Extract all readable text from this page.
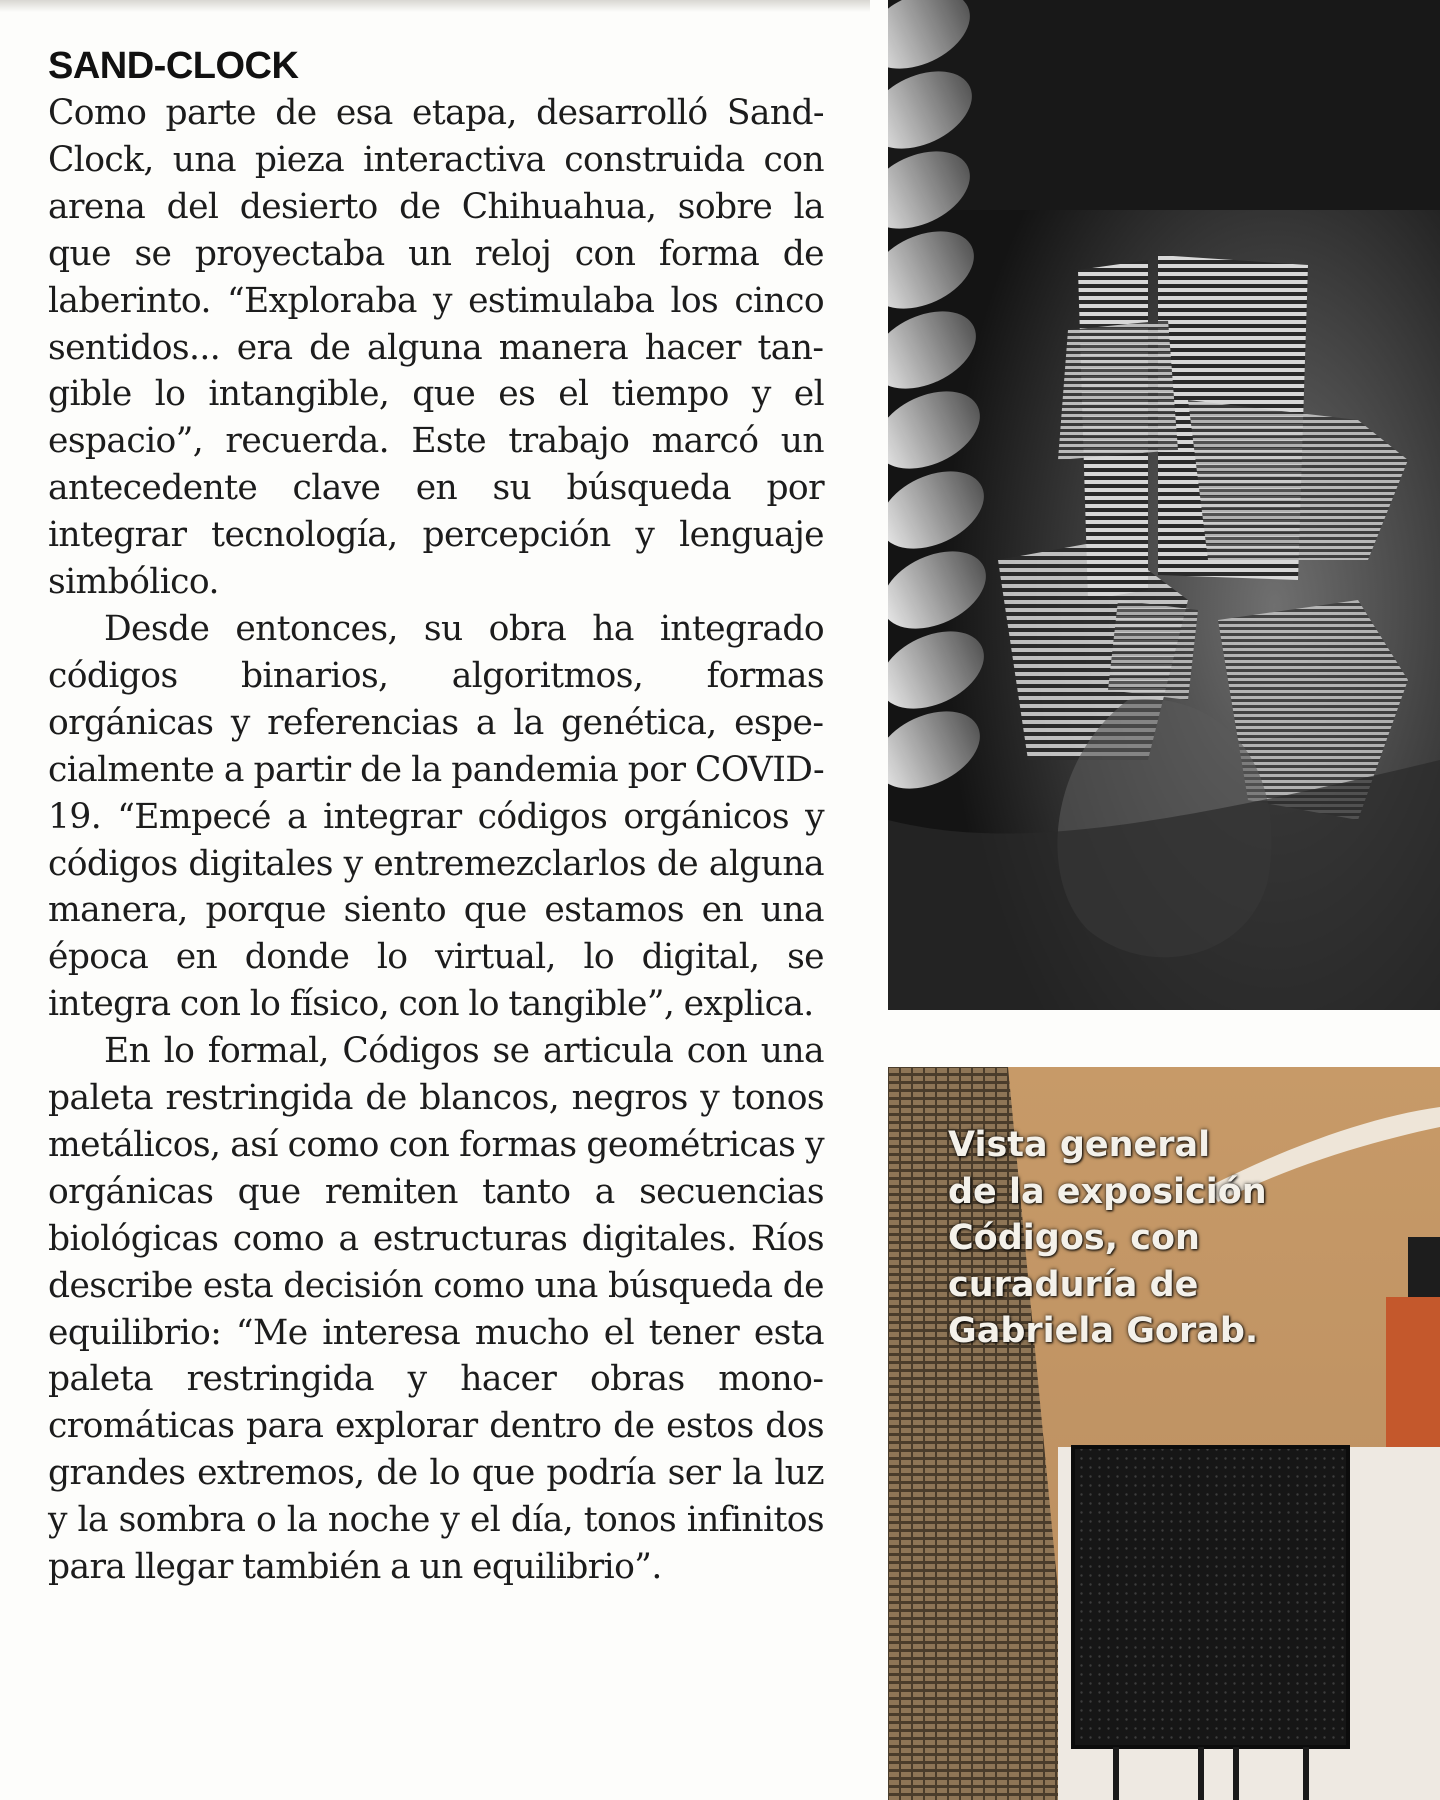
SAND-CLOCK

Como parte de esa etapa, desarrolló Sand-Clock, una pieza interactiva construida con arena del desierto de Chihuahua, sobre la que se proyectaba un reloj con forma de laberinto. “Exploraba y estimulaba los cinco sentidos... era de alguna manera hacer tangible lo intangible, que es el tiempo y el espacio”, recuerda. Este trabajo marcó un antecedente clave en su búsqueda por integrar tecnología, percepción y lenguaje simbólico.

Desde entonces, su obra ha integrado códigos binarios, algoritmos, formas orgánicas y referencias a la genética, especialmente a partir de la pandemia por COVID-19. “Empecé a integrar códigos orgánicos y códigos digitales y entremezclarlos de alguna manera, porque siento que estamos en una época en donde lo virtual, lo digital, se integra con lo físico, con lo tangible”, explica.

En lo formal, Códigos se articula con una paleta restringida de blancos, negros y tonos metálicos, así como con formas geométricas y orgánicas que remiten tanto a secuencias biológicas como a estructuras digitales. Ríos describe esta decisión como una búsqueda de equilibrio: “Me interesa mucho el tener esta paleta restringida y hacer obras monocromáticas para explorar dentro de estos dos grandes extremos, de lo que podría ser la luz y la sombra o la noche y el día, tonos infinitos para llegar también a un equilibrio”.

Vista general
de la exposición
Códigos, con
curaduría de
Gabriela Gorab.
